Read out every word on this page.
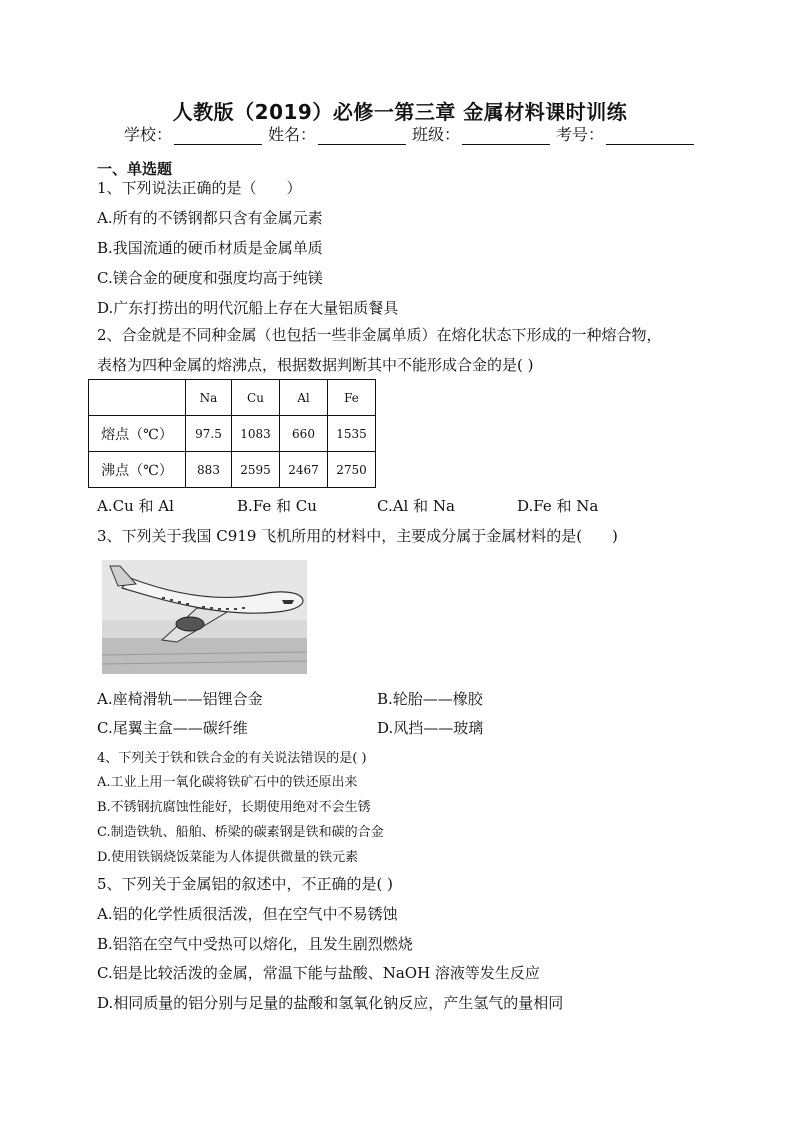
人教版（2019）必修一第三章 金属材料课时训练
学校：	姓名：	班级：	考号：
一、单选题
1、下列说法正确的是（　　）
A.所有的不锈钢都只含有金属元素
B.我国流通的硬币材质是金属单质
C.镁合金的硬度和强度均高于纯镁
D.广东打捞出的明代沉船上存在大量铝质餐具
2、合金就是不同种金属（也包括一些非金属单质）在熔化状态下形成的一种熔合物，
表格为四种金属的熔沸点，根据数据判断其中不能形成合金的是( )
	Na	Cu	Al	Fe
熔点（℃）	97.5	1083	660	1535
沸点（℃）	883	2595	2467	2750
A.Cu 和 Al	B.Fe 和 Cu	C.Al 和 Na	D.Fe 和 Na
3、下列关于我国 C919 飞机所用的材料中，主要成分属于金属材料的是(　　)
A.座椅滑轨——铝锂合金	B.轮胎——橡胶
C.尾翼主盒——碳纤维	D.风挡——玻璃
4、下列关于铁和铁合金的有关说法错误的是( )
A.工业上用一氧化碳将铁矿石中的铁还原出来
B.不锈钢抗腐蚀性能好，长期使用绝对不会生锈
C.制造铁轨、船舶、桥梁的碳素钢是铁和碳的合金
D.使用铁锅烧饭菜能为人体提供微量的铁元素
5、下列关于金属铝的叙述中，不正确的是( )
A.铝的化学性质很活泼，但在空气中不易锈蚀
B.铝箔在空气中受热可以熔化，且发生剧烈燃烧
C.铝是比较活泼的金属，常温下能与盐酸、NaOH 溶液等发生反应
D.相同质量的铝分别与足量的盐酸和氢氧化钠反应，产生氢气的量相同
